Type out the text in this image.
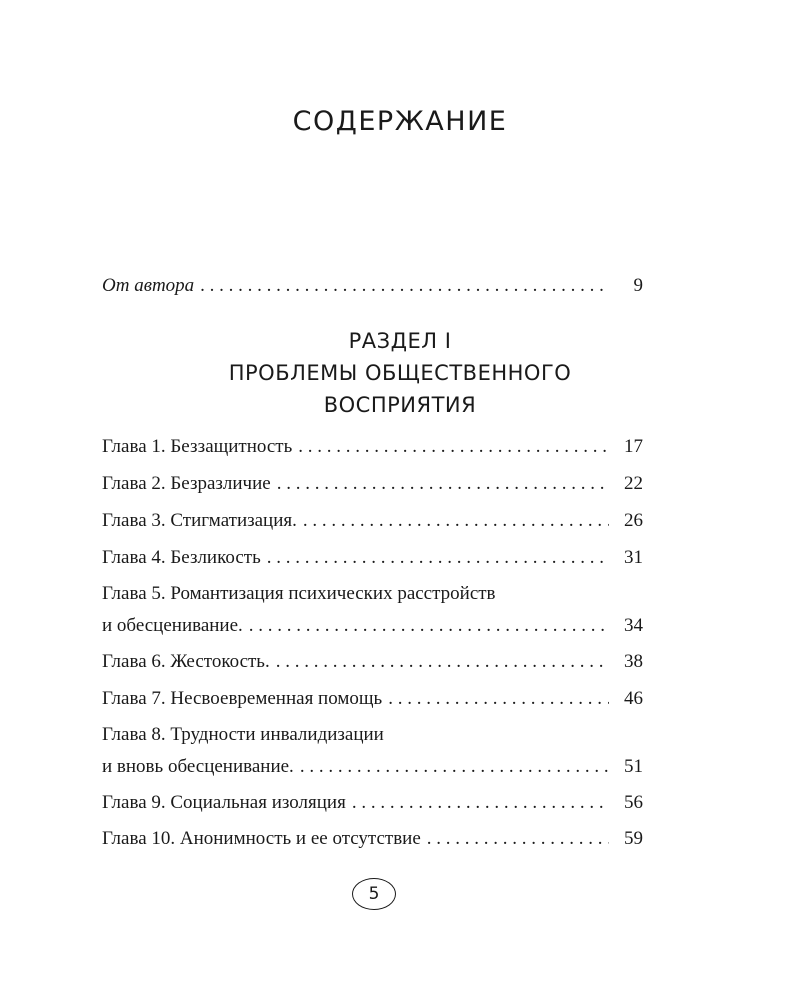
СОДЕРЖАНИЕ
От автора . . .	9
РАЗДЕЛ I
ПРОБЛЕМЫ ОБЩЕСТВЕННОГО
ВОСПРИЯТИЯ
Глава 1. Беззащитность . . .	17
Глава 2. Безразличие . . .	22
Глава 3. Стигматизация. . . .	26
Глава 4. Безликость . . .	31
Глава 5. Романтизация психических расстройств
и обесценивание. . . .	34
Глава 6. Жестокость. . . .	38
Глава 7. Несвоевременная помощь . . .	46
Глава 8. Трудности инвалидизации
и вновь обесценивание. . . .	51
Глава 9. Социальная изоляция . . .	56
Глава 10. Анонимность и ее отсутствие . . .	59
5
